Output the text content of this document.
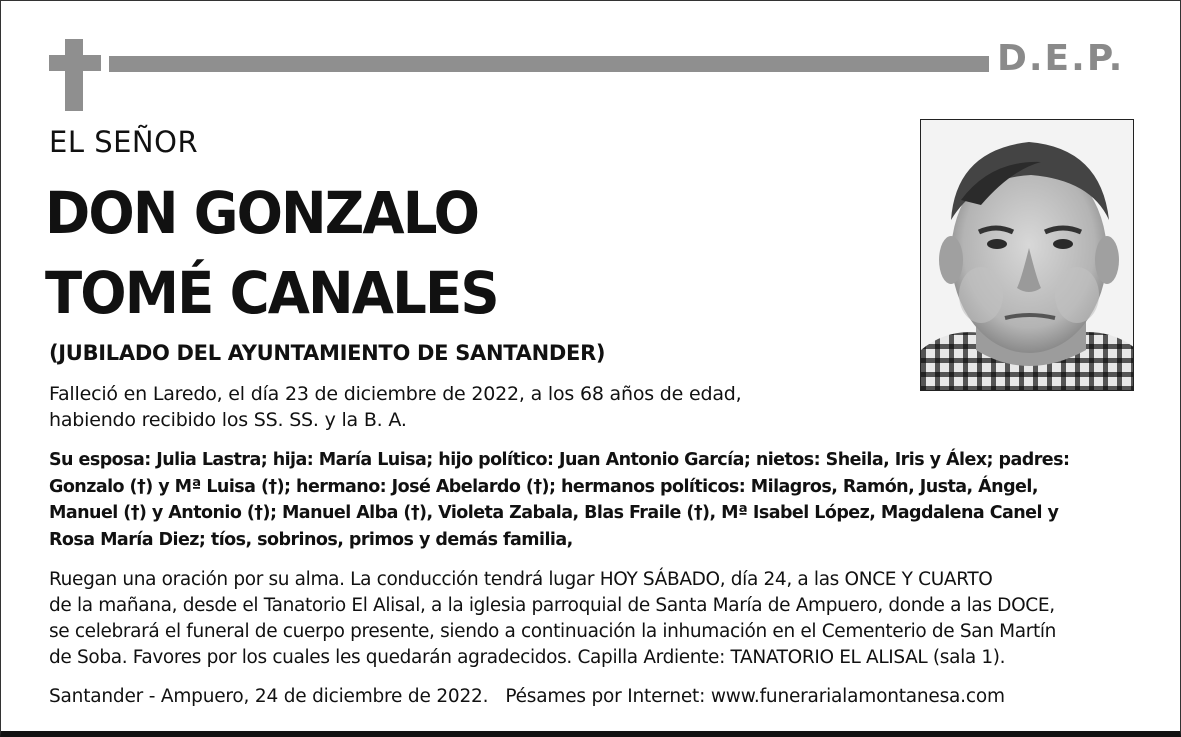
D.E.P.
EL SEÑOR
DON GONZALO
TOMÉ CANALES
(JUBILADO DEL AYUNTAMIENTO DE SANTANDER)
Falleció en Laredo, el día 23 de diciembre de 2022, a los 68 años de edad,
habiendo recibido los SS. SS. y la B. A.
Su esposa: Julia Lastra; hija: María Luisa; hijo político: Juan Antonio García; nietos: Sheila, Iris y Álex; padres:
Gonzalo (†) y Mª Luisa (†); hermano: José Abelardo (†); hermanos políticos: Milagros, Ramón, Justa, Ángel,
Manuel (†) y Antonio (†); Manuel Alba (†), Violeta Zabala, Blas Fraile (†), Mª Isabel López, Magdalena Canel y
Rosa María Diez; tíos, sobrinos, primos y demás familia,
Ruegan una oración por su alma. La conducción tendrá lugar HOY SÁBADO, día 24, a las ONCE Y CUARTO
de la mañana, desde el Tanatorio El Alisal, a la iglesia parroquial de Santa María de Ampuero, donde a las DOCE,
se celebrará el funeral de cuerpo presente, siendo a continuación la inhumación en el Cementerio de San Martín
de Soba. Favores por los cuales les quedarán agradecidos. Capilla Ardiente: TANATORIO EL ALISAL (sala 1).
Santander - Ampuero, 24 de diciembre de 2022.   Pésames por Internet: www.funerarialamontanesa.com
